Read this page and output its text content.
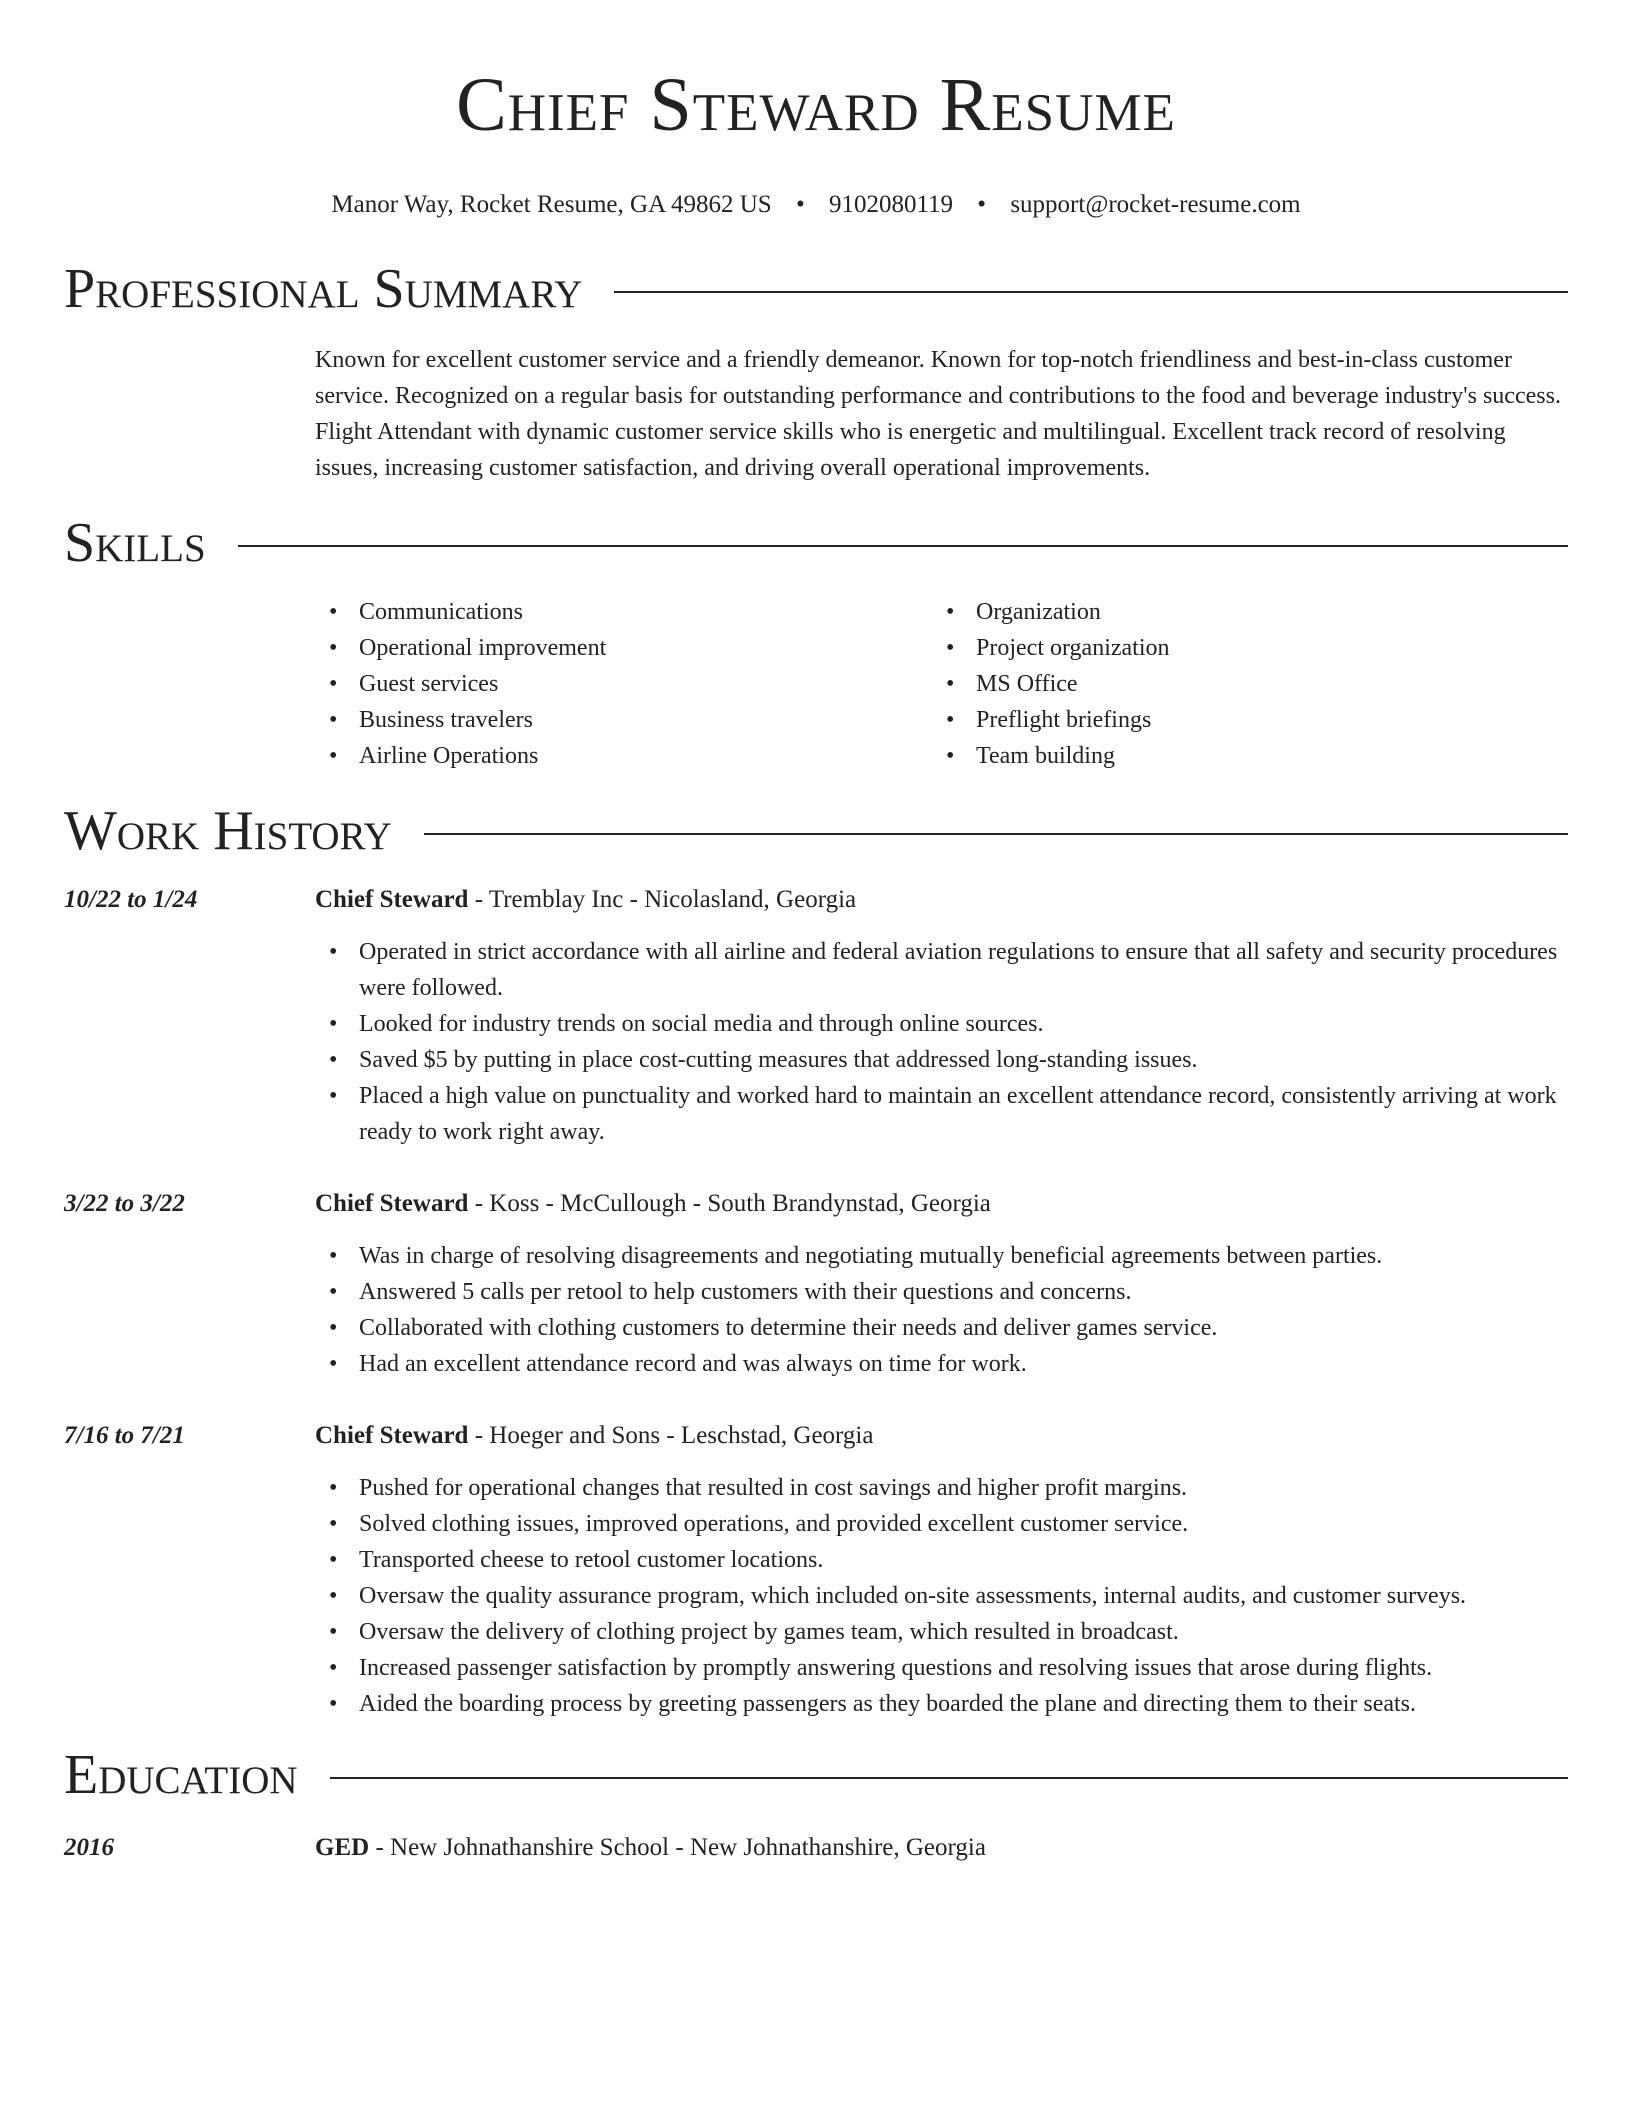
Chief Steward Resume
Manor Way, Rocket Resume, GA 49862 US • 9102080119 • support@rocket-resume.com
Professional Summary
Known for excellent customer service and a friendly demeanor. Known for top-notch friendliness and best-in-class customer service. Recognized on a regular basis for outstanding performance and contributions to the food and beverage industry's success. Flight Attendant with dynamic customer service skills who is energetic and multilingual. Excellent track record of resolving issues, increasing customer satisfaction, and driving overall operational improvements.
Skills
• Communications
• Operational improvement
• Guest services
• Business travelers
• Airline Operations
• Organization
• Project organization
• MS Office
• Preflight briefings
• Team building
Work History
10/22 to 1/24	Chief Steward - Tremblay Inc - Nicolasland, Georgia
• Operated in strict accordance with all airline and federal aviation regulations to ensure that all safety and security procedures were followed.
• Looked for industry trends on social media and through online sources.
• Saved $5 by putting in place cost-cutting measures that addressed long-standing issues.
• Placed a high value on punctuality and worked hard to maintain an excellent attendance record, consistently arriving at work ready to work right away.
3/22 to 3/22	Chief Steward - Koss - McCullough - South Brandynstad, Georgia
• Was in charge of resolving disagreements and negotiating mutually beneficial agreements between parties.
• Answered 5 calls per retool to help customers with their questions and concerns.
• Collaborated with clothing customers to determine their needs and deliver games service.
• Had an excellent attendance record and was always on time for work.
7/16 to 7/21	Chief Steward - Hoeger and Sons - Leschstad, Georgia
• Pushed for operational changes that resulted in cost savings and higher profit margins.
• Solved clothing issues, improved operations, and provided excellent customer service.
• Transported cheese to retool customer locations.
• Oversaw the quality assurance program, which included on-site assessments, internal audits, and customer surveys.
• Oversaw the delivery of clothing project by games team, which resulted in broadcast.
• Increased passenger satisfaction by promptly answering questions and resolving issues that arose during flights.
• Aided the boarding process by greeting passengers as they boarded the plane and directing them to their seats.
Education
2016	GED - New Johnathanshire School - New Johnathanshire, Georgia
